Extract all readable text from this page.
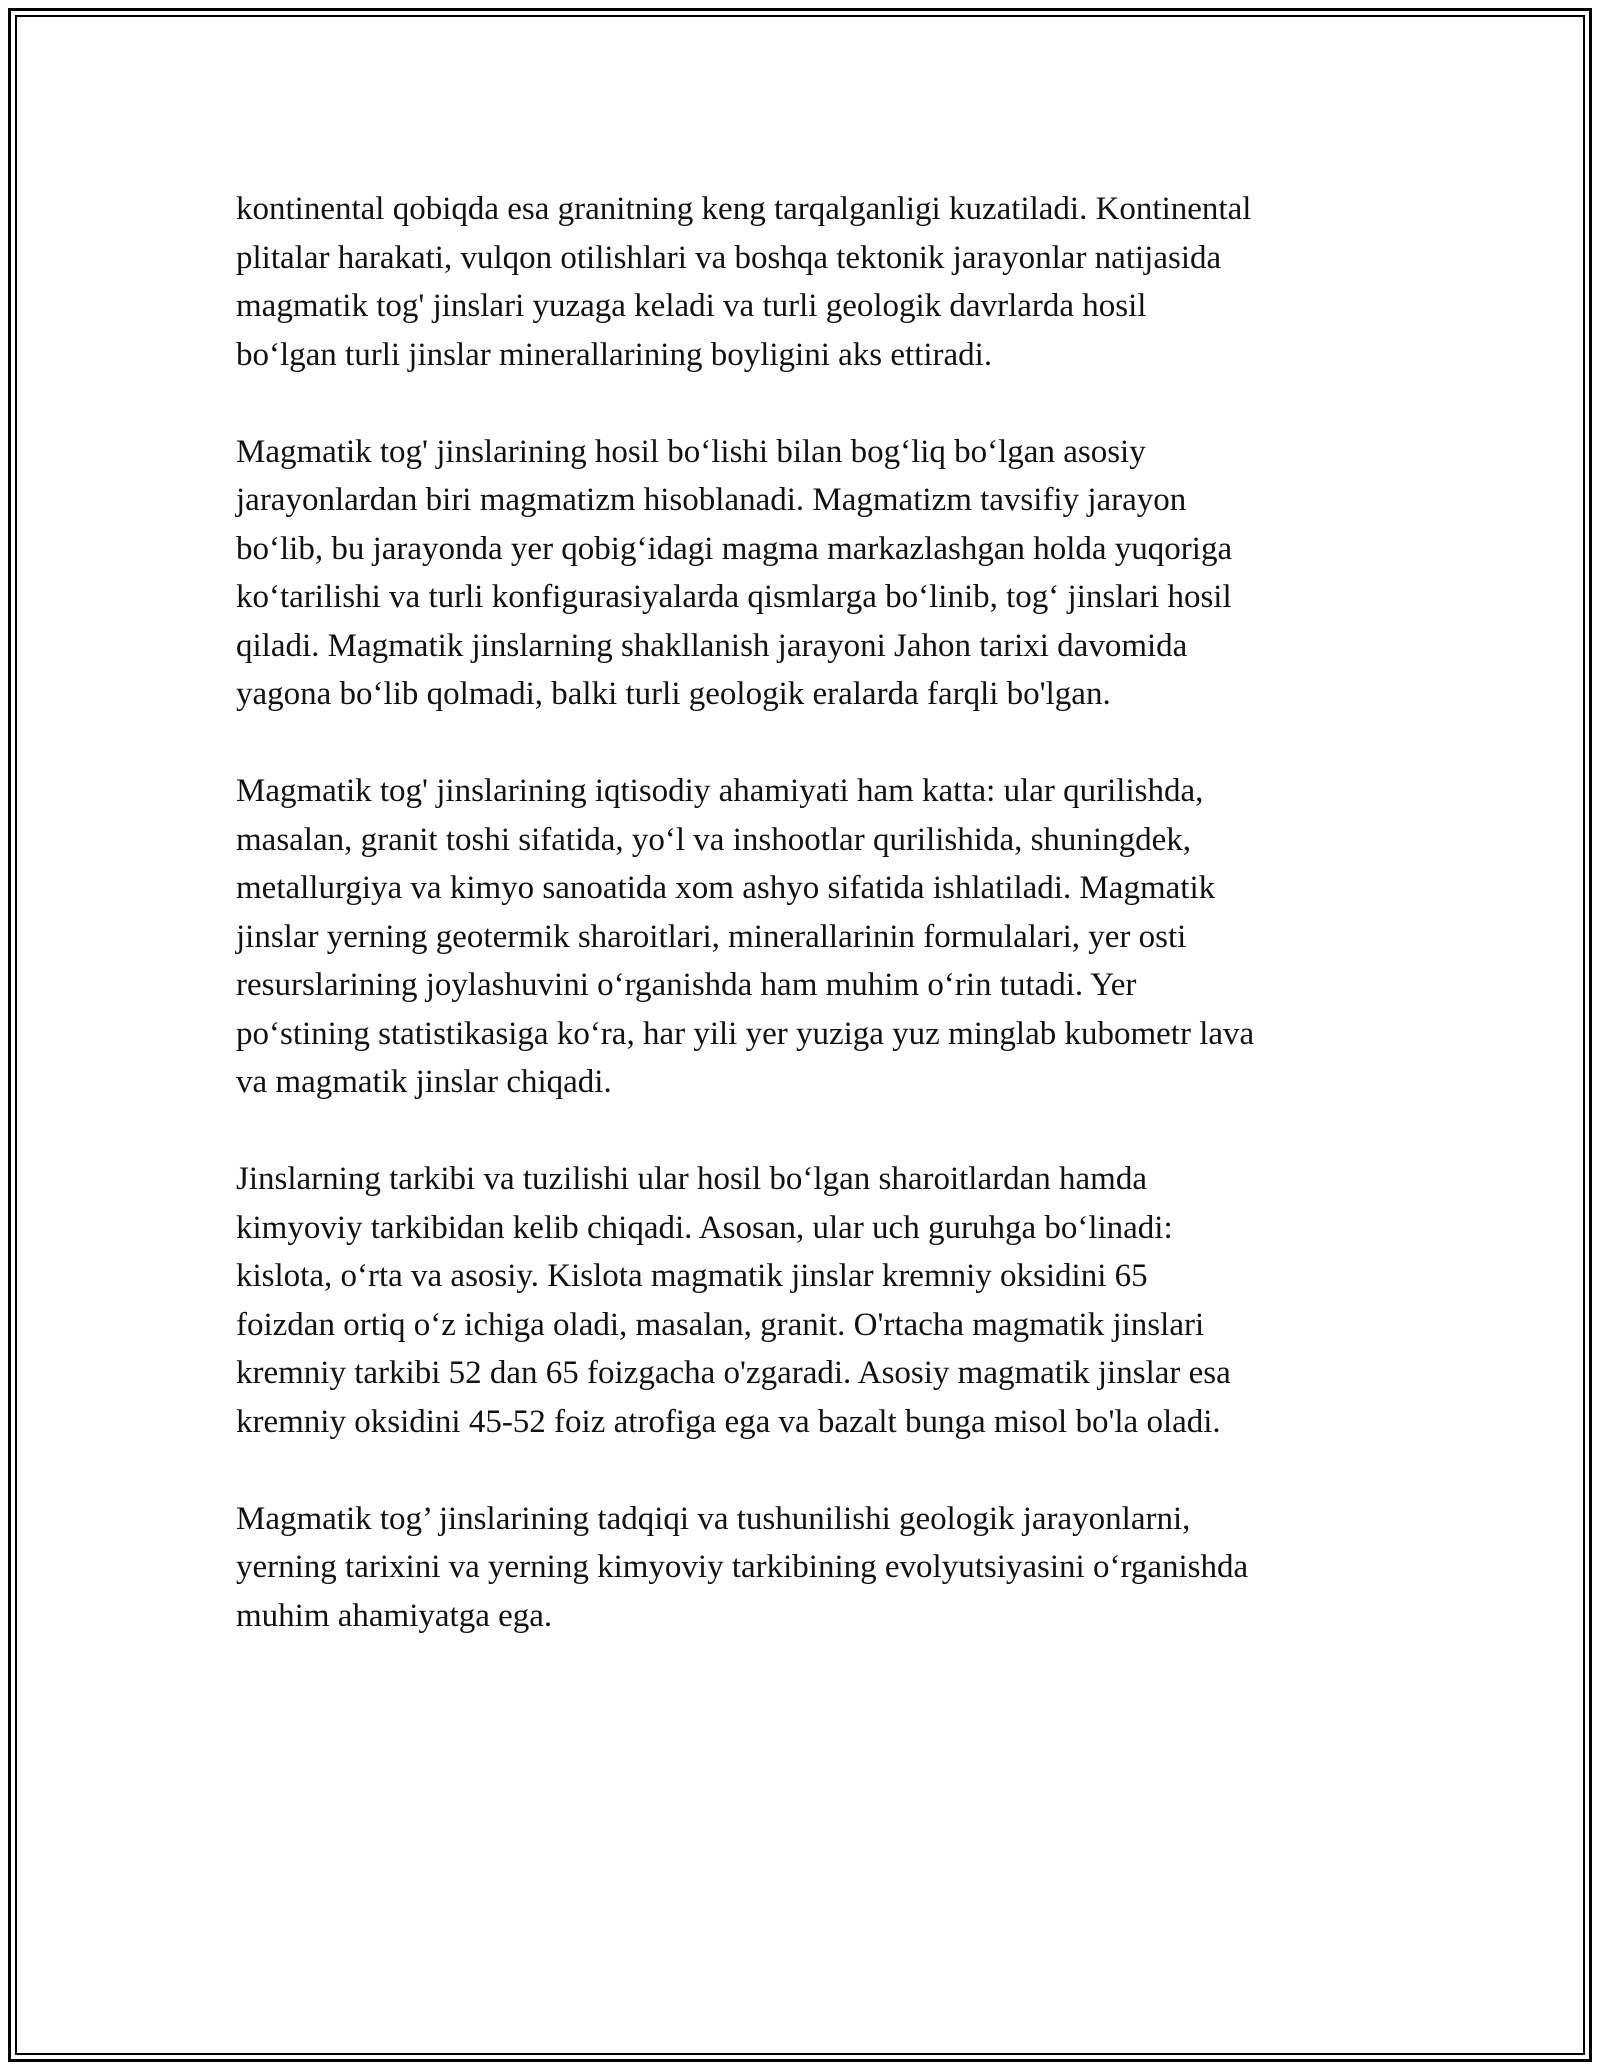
kontinental qobiqda esa granitning keng tarqalganligi kuzatiladi. Kontinental
plitalar harakati, vulqon otilishlari va boshqa tektonik jarayonlar natijasida
magmatik tog' jinslari yuzaga keladi va turli geologik davrlarda hosil
bo‘lgan turli jinslar minerallarining boyligini aks ettiradi.

Magmatik tog' jinslarining hosil bo‘lishi bilan bog‘liq bo‘lgan asosiy
jarayonlardan biri magmatizm hisoblanadi. Magmatizm tavsifiy jarayon
bo‘lib, bu jarayonda yer qobig‘idagi magma markazlashgan holda yuqoriga
ko‘tarilishi va turli konfigurasiyalarda qismlarga bo‘linib, tog‘ jinslari hosil
qiladi. Magmatik jinslarning shakllanish jarayoni Jahon tarixi davomida
yagona bo‘lib qolmadi, balki turli geologik eralarda farqli bo'lgan.

Magmatik tog' jinslarining iqtisodiy ahamiyati ham katta: ular qurilishda,
masalan, granit toshi sifatida, yo‘l va inshootlar qurilishida, shuningdek,
metallurgiya va kimyo sanoatida xom ashyo sifatida ishlatiladi. Magmatik
jinslar yerning geotermik sharoitlari, minerallarinin formulalari, yer osti
resurslarining joylashuvini o‘rganishda ham muhim o‘rin tutadi. Yer
po‘stining statistikasiga ko‘ra, har yili yer yuziga yuz minglab kubometr lava
va magmatik jinslar chiqadi.

Jinslarning tarkibi va tuzilishi ular hosil bo‘lgan sharoitlardan hamda
kimyoviy tarkibidan kelib chiqadi. Asosan, ular uch guruhga bo‘linadi:
kislota, o‘rta va asosiy. Kislota magmatik jinslar kremniy oksidini 65
foizdan ortiq o‘z ichiga oladi, masalan, granit. O'rtacha magmatik jinslari
kremniy tarkibi 52 dan 65 foizgacha o'zgaradi. Asosiy magmatik jinslar esa
kremniy oksidini 45-52 foiz atrofiga ega va bazalt bunga misol bo'la oladi.

Magmatik tog’ jinslarining tadqiqi va tushunilishi geologik jarayonlarni,
yerning tarixini va yerning kimyoviy tarkibining evolyutsiyasini o‘rganishda
muhim ahamiyatga ega.
